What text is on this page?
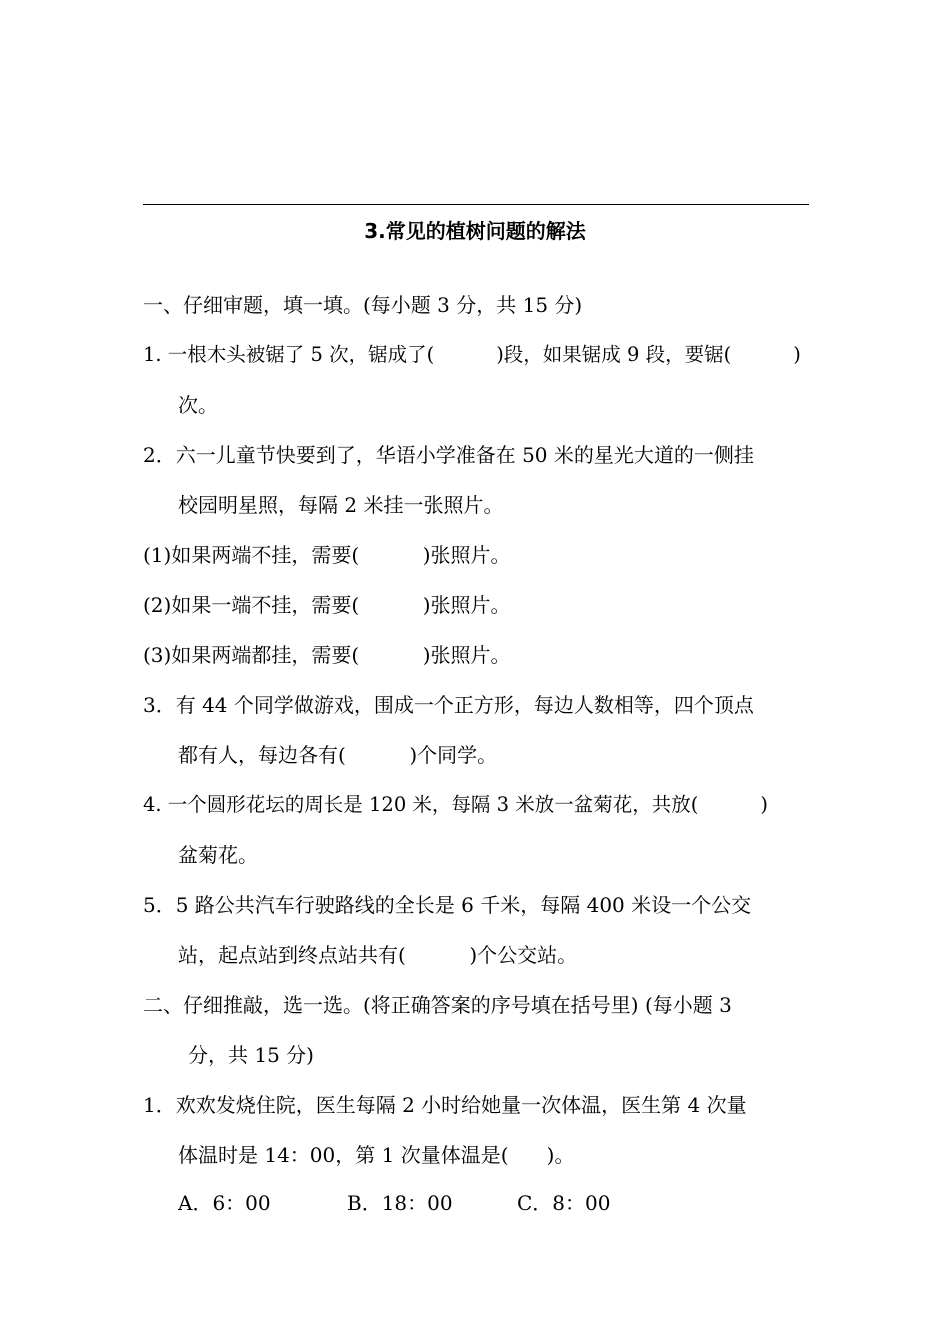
3.常见的植树问题的解法
一、仔细审题，填一填。(每小题 3 分，共 15 分)
1. 一根木头被锯了 5 次，锯成了(          )段，如果锯成 9 段，要锯(          )
次。
2．六一儿童节快要到了，华语小学准备在 50 米的星光大道的一侧挂
校园明星照，每隔 2 米挂一张照片。
(1)如果两端不挂，需要(          )张照片。
(2)如果一端不挂，需要(          )张照片。
(3)如果两端都挂，需要(          )张照片。
3．有 44 个同学做游戏，围成一个正方形，每边人数相等，四个顶点
都有人，每边各有(          )个同学。
4. 一个圆形花坛的周长是 120 米，每隔 3 米放一盆菊花，共放(          )
盆菊花。
5．5 路公共汽车行驶路线的全长是 6 千米，每隔 400 米设一个公交
站，起点站到终点站共有(          )个公交站。
二、仔细推敲，选一选。(将正确答案的序号填在括号里) (每小题 3
分，共 15 分)
1．欢欢发烧住院，医生每隔 2 小时给她量一次体温，医生第 4 次量
体温时是 14：00，第 1 次量体温是(      )。
A．6：00	B．18：00	C．8：00
